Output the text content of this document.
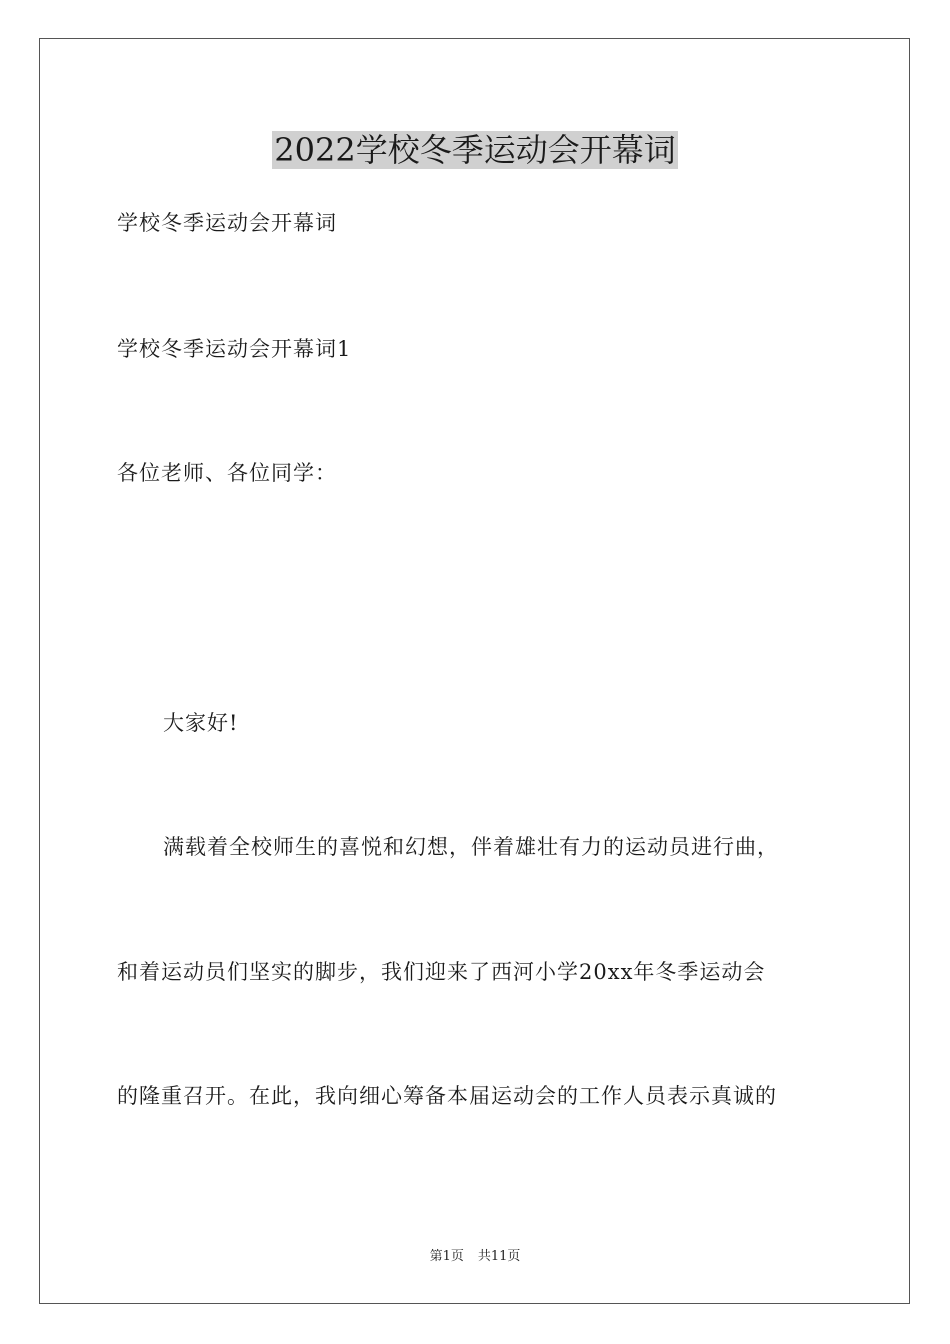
2022学校冬季运动会开幕词
学校冬季运动会开幕词
学校冬季运动会开幕词1
各位老师、各位同学：
大家好!
满载着全校师生的喜悦和幻想，伴着雄壮有力的运动员进行曲，
和着运动员们坚实的脚步，我们迎来了西河小学20xx年冬季运动会
的隆重召开。在此，我向细心筹备本届运动会的工作人员表示真诚的
第1页 共11页
